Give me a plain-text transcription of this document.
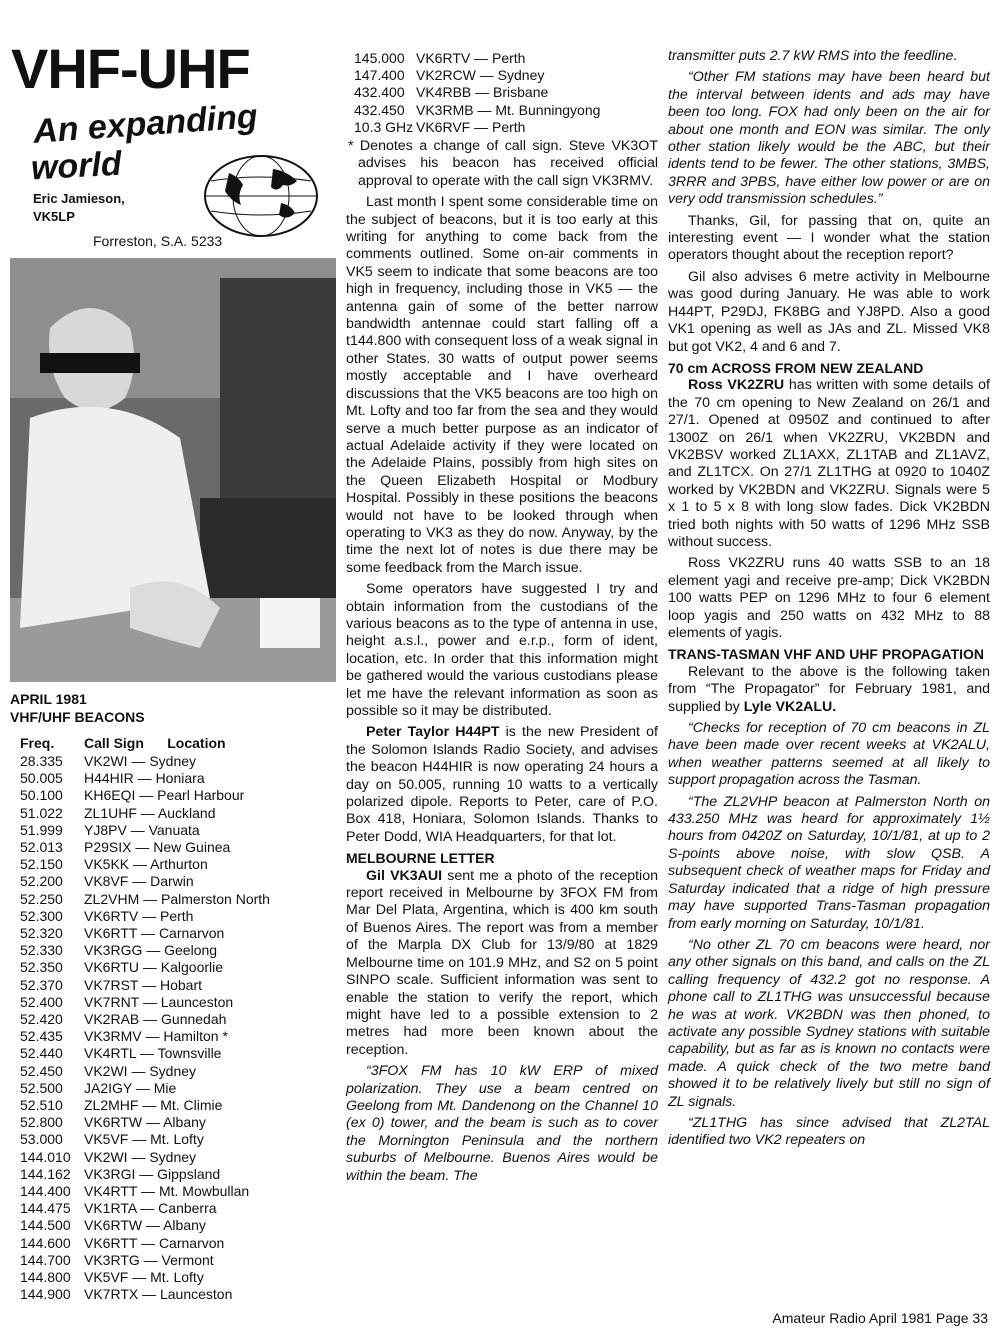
VHF-UHF
An expanding
world
Eric Jamieson,
VK5LP
Forreston, S.A. 5233
APRIL 1981
VHF/UHF BEACONS
Freq.	Call Sign Location
28.335	VK2WI — Sydney
50.005	H44HIR — Honiara
50.100	KH6EQI — Pearl Harbour
51.022	ZL1UHF — Auckland
51.999	YJ8PV — Vanuata
52.013	P29SIX — New Guinea
52.150	VK5KK — Arthurton
52.200	VK8VF — Darwin
52.250	ZL2VHM — Palmerston North
52.300	VK6RTV — Perth
52.320	VK6RTT — Carnarvon
52.330	VK3RGG — Geelong
52.350	VK6RTU — Kalgoorlie
52.370	VK7RST — Hobart
52.400	VK7RNT — Launceston
52.420	VK2RAB — Gunnedah
52.435	VK3RMV — Hamilton *
52.440	VK4RTL — Townsville
52.450	VK2WI — Sydney
52.500	JA2IGY — Mie
52.510	ZL2MHF — Mt. Climie
52.800	VK6RTW — Albany
53.000	VK5VF — Mt. Lofty
144.010	VK2WI — Sydney
144.162	VK3RGI — Gippsland
144.400	VK4RTT — Mt. Mowbullan
144.475	VK1RTA — Canberra
144.500	VK6RTW — Albany
144.600	VK6RTT — Carnarvon
144.700	VK3RTG — Vermont
144.800	VK5VF — Mt. Lofty
144.900	VK7RTX — Launceston
145.000 VK6RTV — Perth
147.400 VK2RCW — Sydney
432.400 VK4RBB — Brisbane
432.450 VK3RMB — Mt. Bunningyong
10.3 GHz VK6RVF — Perth

* Denotes a change of call sign. Steve VK3OT advises his beacon has received official approval to operate with the call sign VK3RMV.

Last month I spent some considerable time on the subject of beacons, but it is too early at this writing for anything to come back from the comments outlined. Some on-air comments in VK5 seem to indicate that some beacons are too high in frequency, including those in VK5 — the antenna gain of some of the better narrow bandwidth antennae could start falling off a t144.800 with consequent loss of a weak signal in other States. 30 watts of output power seems mostly acceptable and I have overheard discussions that the VK5 beacons are too high on Mt. Lofty and too far from the sea and they would serve a much better purpose as an indicator of actual Adelaide activity if they were located on the Adelaide Plains, possibly from high sites on the Queen Elizabeth Hospital or Modbury Hospital. Possibly in these positions the beacons would not have to be looked through when operating to VK3 as they do now. Anyway, by the time the next lot of notes is due there may be some feedback from the March issue.

Some operators have suggested I try and obtain information from the custodians of the various beacons as to the type of antenna in use, height a.s.l., power and e.r.p., form of ident, location, etc. In order that this information might be gathered would the various custodians please let me have the relevant information as soon as possible so it may be distributed.

Peter Taylor H44PT is the new President of the Solomon Islands Radio Society, and advises the beacon H44HIR is now operating 24 hours a day on 50.005, running 10 watts to a vertically polarized dipole. Reports to Peter, care of P.O. Box 418, Honiara, Solomon Islands. Thanks to Peter Dodd, WIA Headquarters, for that lot.

MELBOURNE LETTER

Gil VK3AUI sent me a photo of the reception report received in Melbourne by 3FOX FM from Mar Del Plata, Argentina, which is 400 km south of Buenos Aires. The report was from a member of the Marpla DX Club for 13/9/80 at 1829 Melbourne time on 101.9 MHz, and S2 on 5 point SINPO scale. Sufficient information was sent to enable the station to verify the report, which might have led to a possible extension to 2 metres had more been known about the reception.

“3FOX FM has 10 kW ERP of mixed polarization. They use a beam centred on Geelong from Mt. Dandenong on the Channel 10 (ex 0) tower, and the beam is such as to cover the Mornington Peninsula and the northern suburbs of Melbourne. Buenos Aires would be within the beam. The

transmitter puts 2.7 kW RMS into the feedline.

“Other FM stations may have been heard but the interval between idents and ads may have been too long. FOX had only been on the air for about one month and EON was similar. The only other station likely would be the ABC, but their idents tend to be fewer. The other stations, 3MBS, 3RRR and 3PBS, have either low power or are on very odd transmission schedules.”

Thanks, Gil, for passing that on, quite an interesting event — I wonder what the station operators thought about the reception report?

Gil also advises 6 metre activity in Melbourne was good during January. He was able to work H44PT, P29DJ, FK8BG and YJ8PD. Also a good VK1 opening as well as JAs and ZL. Missed VK8 but got VK2, 4 and 6 and 7.

70 cm ACROSS FROM NEW ZEALAND

Ross VK2ZRU has written with some details of the 70 cm opening to New Zealand on 26/1 and 27/1. Opened at 0950Z and continued to after 1300Z on 26/1 when VK2ZRU, VK2BDN and VK2BSV worked ZL1AXX, ZL1TAB and ZL1AVZ, and ZL1TCX. On 27/1 ZL1THG at 0920 to 1040Z worked by VK2BDN and VK2ZRU. Signals were 5 x 1 to 5 x 8 with long slow fades. Dick VK2BDN tried both nights with 50 watts of 1296 MHz SSB without success.

Ross VK2ZRU runs 40 watts SSB to an 18 element yagi and receive pre-amp; Dick VK2BDN 100 watts PEP on 1296 MHz to four 6 element loop yagis and 250 watts on 432 MHz to 88 elements of yagis.

TRANS-TASMAN VHF AND UHF PROPAGATION

Relevant to the above is the following taken from “The Propagator” for February 1981, and supplied by Lyle VK2ALU.

“Checks for reception of 70 cm beacons in ZL have been made over recent weeks at VK2ALU, when weather patterns seemed at all likely to support propagation across the Tasman.

“The ZL2VHP beacon at Palmerston North on 433.250 MHz was heard for approximately 1½ hours from 0420Z on Saturday, 10/1/81, at up to 2 S-points above noise, with slow QSB. A subsequent check of weather maps for Friday and Saturday indicated that a ridge of high pressure may have supported Trans-Tasman propagation from early morning on Saturday, 10/1/81.

“No other ZL 70 cm beacons were heard, nor any other signals on this band, and calls on the ZL calling frequency of 432.2 got no response. A phone call to ZL1THG was unsuccessful because he was at work. VK2BDN was then phoned, to activate any possible Sydney stations with suitable capability, but as far as is known no contacts were made. A quick check of the two metre band showed it to be relatively lively but still no sign of ZL signals.

“ZL1THG has since advised that ZL2TAL identified two VK2 repeaters on

Amateur Radio April 1981 Page 33
